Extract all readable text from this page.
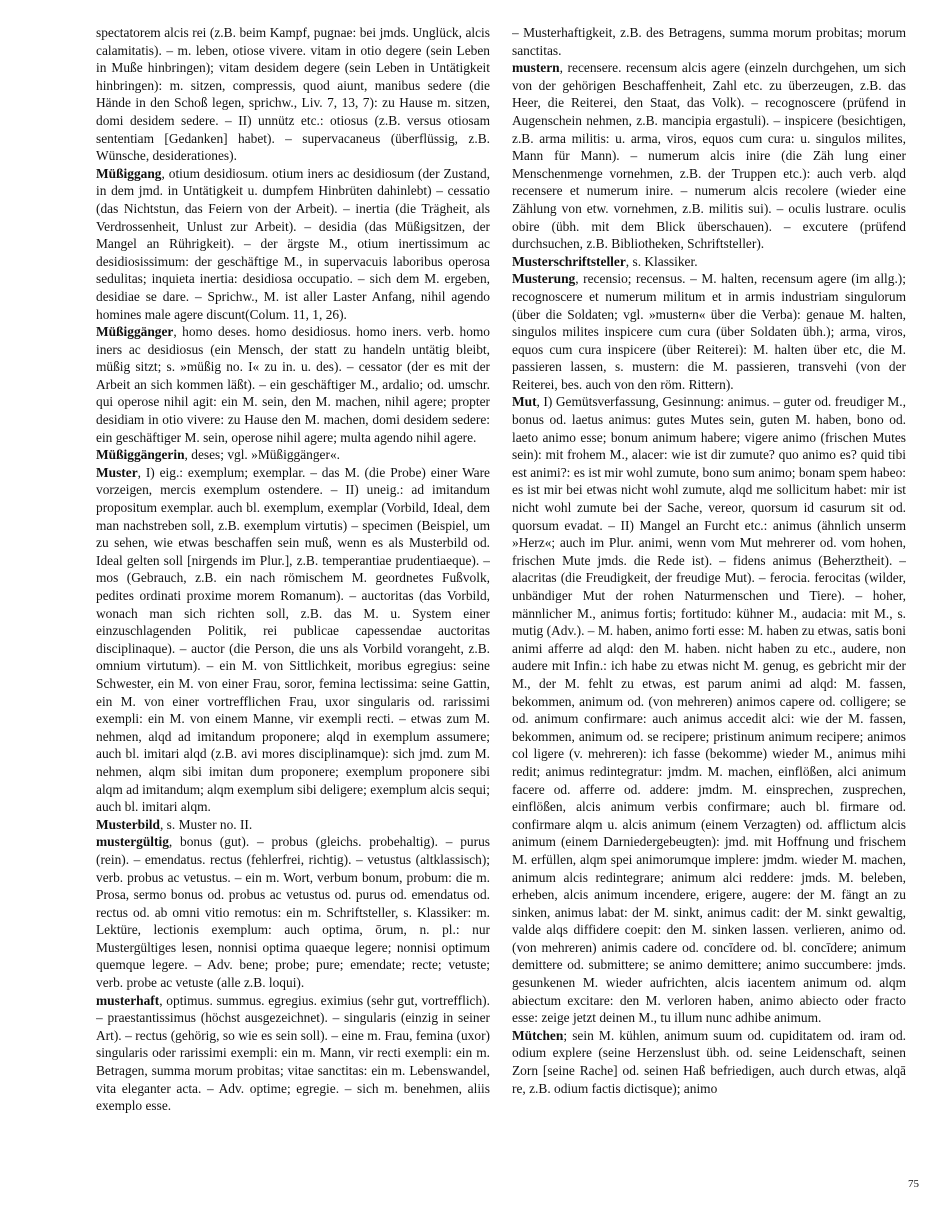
spectatorem alcis rei (z.B. beim Kampf, pugnae: bei jmds. Unglück, alcis calamitatis). – m. leben, otiose vivere. vitam in otio degere (sein Leben in Muße hinbringen); vitam desidem degere (sein Leben in Untätigkeit hinbringen): m. sitzen, compressis, quod aiunt, manibus sedere (die Hände in den Schoß legen, sprichw., Liv. 7, 13, 7): zu Hause m. sitzen, domi desidem sedere. – II) unnütz etc.: otiosus (z.B. versus otiosam sententiam [Gedanken] habet). – supervacaneus (überflüssig, z.B. Wünsche, desiderationes).

Müßiggang, otium desidiosum. otium iners ac desidiosum (der Zustand, in dem jmd. in Untätigkeit u. dumpfem Hinbrüten dahinlebt) – cessatio (das Nichtstun, das Feiern von der Arbeit). – inertia (die Trägheit, als Verdrossenheit, Unlust zur Arbeit). – desidia (das Müßigsitzen, der Mangel an Rührigkeit). – der ärgste M., otium inertissimum ac desidiosissimum: der geschäftige M., in supervacuis laboribus operosa sedulitas; inquieta inertia: desidiosa occupatio. – sich dem M. ergeben, desidiae se dare. – Sprichw., M. ist aller Laster Anfang, nihil agendo homines male agere discunt(Colum. 11, 1, 26).

Müßiggänger, homo deses. homo desidiosus. homo iners. verb. homo iners ac desidiosus (ein Mensch, der statt zu handeln untätig bleibt, müßig sitzt; s. »müßig no. I« zu in. u. des). – cessator (der es mit der Arbeit an sich kommen läßt). – ein geschäftiger M., ardalio; od. umschr. qui operose nihil agit: ein M. sein, den M. machen, nihil agere; propter desidiam in otio vivere: zu Hause den M. machen, domi desidem sedere: ein geschäftiger M. sein, operose nihil agere; multa agendo nihil agere.

Müßiggängerin, deses; vgl. »Müßiggänger«.

Muster, I) eig.: exemplum; exemplar. – das M. (die Probe) einer Ware vorzeigen, mercis exemplum ostendere. – II) uneig.: ad imitandum propositum exemplar. auch bl. exemplum, exemplar (Vorbild, Ideal, dem man nachstreben soll, z.B. exemplum virtutis) – specimen (Beispiel, um zu sehen, wie etwas beschaffen sein muß, wenn es als Musterbild od. Ideal gelten soll [nirgends im Plur.], z.B. temperantiae prudentiaeque). – mos (Gebrauch, z.B. ein nach römischem M. geordnetes Fußvolk, pedites ordinati proxime morem Romanum). – auctoritas (das Vorbild, wonach man sich richten soll, z.B. das M. u. System einer einzuschlagenden Politik, rei publicae capessendae auctoritas disciplinaque). – auctor (die Person, die uns als Vorbild vorangeht, z.B. omnium virtutum). – ein M. von Sittlichkeit, moribus egregius: seine Schwester, ein M. von einer Frau, soror, femina lectissima: seine Gattin, ein M. von einer vortrefflichen Frau, uxor singularis od. rarissimi exempli: ein M. von einem Manne, vir exempli recti. – etwas zum M. nehmen, alqd ad imitandum proponere; alqd in exemplum assumere; auch bl. imitari alqd (z.B. avi mores disciplinamque): sich jmd. zum M. nehmen, alqm sibi imitan dum proponere; exemplum proponere sibi alqm ad imitandum; alqm exemplum sibi deligere; exemplum alcis sequi; auch bl. imitari alqm.

Musterbild, s. Muster no. II.

mustergültig, bonus (gut). – probus (gleichs. probehaltig). – purus (rein). – emendatus. rectus (fehlerfrei, richtig). – vetustus (altklassisch); verb. probus ac vetustus. – ein m. Wort, verbum bonum, probum: die m. Prosa, sermo bonus od. probus ac vetustus od. purus od. emendatus od. rectus od. ab omni vitio remotus: ein m. Schriftsteller, s. Klassiker: m. Lektüre, lectionis exemplum: auch optima, ōrum, n. pl.: nur Mustergültiges lesen, nonnisi optima quaeque legere; nonnisi optimum quemque legere. – Adv. bene; probe; pure; emendate; recte; vetuste; verb. probe ac vetuste (alle z.B. loqui).

musterhaft, optimus. summus. egregius. eximius (sehr gut, vortrefflich). – praestantissimus (höchst ausgezeichnet). – singularis (einzig in seiner Art). – rectus (gehörig, so wie es sein soll). – eine m. Frau, femina (uxor) singularis oder rarissimi exempli: ein m. Mann, vir recti exempli: ein m. Betragen, summa morum probitas; vitae sanctitas: ein m. Lebenswandel, vita eleganter acta. – Adv. optime; egregie. – sich m. benehmen, aliis exemplo esse.

– Musterhaftigkeit, z.B. des Betragens, summa morum probitas; morum sanctitas.

mustern, recensere. recensum alcis agere (einzeln durchgehen, um sich von der gehörigen Beschaffenheit, Zahl etc. zu überzeugen, z.B. das Heer, die Reiterei, den Staat, das Volk). – recognoscere (prüfend in Augenschein nehmen, z.B. mancipia ergastuli). – inspicere (besichtigen, z.B. arma militis: u. arma, viros, equos cum cura: u. singulos milites, Mann für Mann). – numerum alcis inire (die Zäh lung einer Menschenmenge vornehmen, z.B. der Truppen etc.): auch verb. alqd recensere et numerum inire. – numerum alcis recolere (wieder eine Zählung von etw. vornehmen, z.B. militis sui). – oculis lustrare. oculis obire (übh. mit dem Blick überschauen). – excutere (prüfend durchsuchen, z.B. Bibliotheken, Schriftsteller).

Musterschriftsteller, s. Klassiker.

Musterung, recensio; recensus. – M. halten, recensum agere (im allg.); recognoscere et numerum militum et in armis industriam singulorum (über die Soldaten; vgl. »mustern« über die Verba): genaue M. halten, singulos milites inspicere cum cura (über Soldaten übh.); arma, viros, equos cum cura inspicere (über Reiterei): M. halten über etc, die M. passieren lassen, s. mustern: die M. passieren, transvehi (von der Reiterei, bes. auch von den röm. Rittern).

Mut, I) Gemütsverfassung, Gesinnung: animus. – guter od. freudiger M., bonus od. laetus animus: gutes Mutes sein, guten M. haben, bono od. laeto animo esse; bonum animum habere; vigere animo (frischen Mutes sein): mit frohem M., alacer: wie ist dir zumute? quo animo es? quid tibi est animi?: es ist mir wohl zumute, bono sum animo; bonam spem habeo: es ist mir bei etwas nicht wohl zumute, alqd me sollicitum habet: mir ist nicht wohl zumute bei der Sache, vereor, quorsum id casurum sit od. quorsum evadat. – II) Mangel an Furcht etc.: animus (ähnlich unserm »Herz«; auch im Plur. animi, wenn vom Mut mehrerer od. vom hohen, frischen Mute jmds. die Rede ist). – fidens animus (Beherztheit). – alacritas (die Freudigkeit, der freudige Mut). – ferocia. ferocitas (wilder, unbändiger Mut der rohen Naturmenschen und Tiere). – hoher, männlicher M., animus fortis; fortitudo: kühner M., audacia: mit M., s. mutig (Adv.). – M. haben, animo forti esse: M. haben zu etwas, satis boni animi afferre ad alqd: den M. haben. nicht haben zu etc., audere, non audere mit Infin.: ich habe zu etwas nicht M. genug, es gebricht mir der M., der M. fehlt zu etwas, est parum animi ad alqd: M. fassen, bekommen, animum od. (von mehreren) animos capere od. colligere; se od. animum confirmare: auch animus accedit alci: wie der M. fassen, bekommen, animum od. se recipere; pristinum animum recipere; animos col ligere (v. mehreren): ich fasse (bekomme) wieder M., animus mihi redit; animus redintegratur: jmdm. M. machen, einflößen, alci animum facere od. afferre od. addere: jmdm. M. einsprechen, zusprechen, einflößen, alcis animum verbis confirmare; auch bl. firmare od. confirmare alqm u. alcis animum (einem Verzagten) od. afflictum alcis animum (einem Darniedergebeugten): jmd. mit Hoffnung und frischem M. erfüllen, alqm spei animorumque implere: jmdm. wieder M. machen, animum alcis redintegrare; animum alci reddere: jmds. M. beleben, erheben, alcis animum incendere, erigere, augere: der M. fängt an zu sinken, animus labat: der M. sinkt, animus cadit: der M. sinkt gewaltig, valde alqs diffidere coepit: den M. sinken lassen. verlieren, animo od. (von mehreren) animis cadere od. concīdere od. bl. concīdere; animum demittere od. submittere; se animo demittere; animo succumbere: jmds. gesunkenen M. wieder aufrichten, alcis iacentem animum od. alqm abiectum excitare: den M. verloren haben, animo abiecto oder fracto esse: zeige jetzt deinen M., tu illum nunc adhibe animum.

Mütchen; sein M. kühlen, animum suum od. cupiditatem od. iram od. odium explere (seine Herzenslust übh. od. seine Leidenschaft, seinen Zorn [seine Rache] od. seinen Haß befriedigen, auch durch etwas, alqā re, z.B. odium factis dictisque); animo

75
